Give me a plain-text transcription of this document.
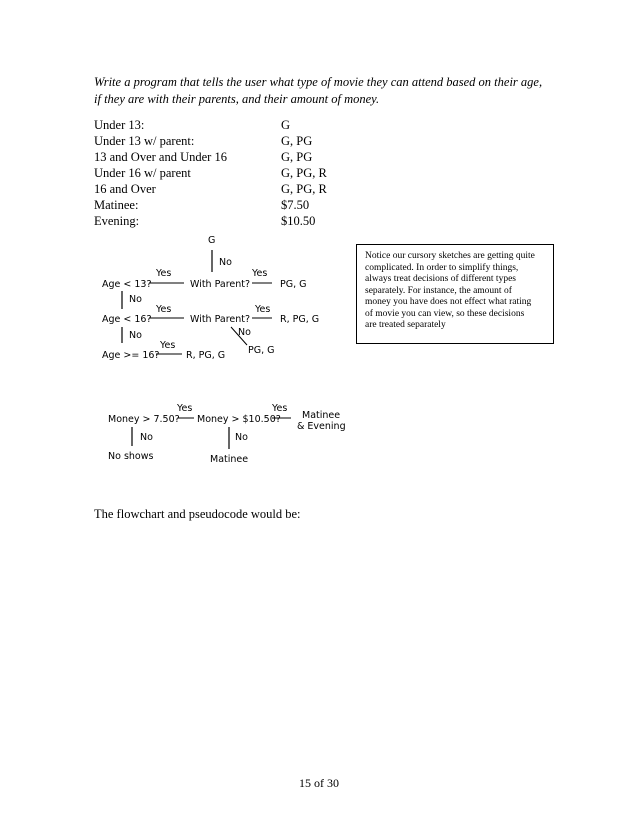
Write a program that tells the user what type of movie they can attend based on their age,
if they are with their parents, and their amount of money.
Under 13:	G
Under 13 w/ parent:	G, PG
13 and Over and Under 16	G, PG
Under 16 w/ parent	G, PG, R
16 and Over	G, PG, R
Matinee:	$7.50
Evening:	$10.50
G
No
Yes	Yes
Age < 13?	With Parent?	PG, G
No
Yes	Yes
Age < 16?	With Parent?	R, PG, G
No
No
Yes	PG, G
Age >= 16?	R, PG, G
Yes	Yes
Matinee
Money > 7.50? Money > $10.50?
& Evening
No	No
No shows	Matinee
Notice our cursory sketches are getting quite
complicated. In order to simplify things,
always treat decisions of different types
separately. For instance, the amount of
money you have does not effect what rating
of movie you can view, so these decisions
are treated separately
The flowchart and pseudocode would be:
15 of 30
